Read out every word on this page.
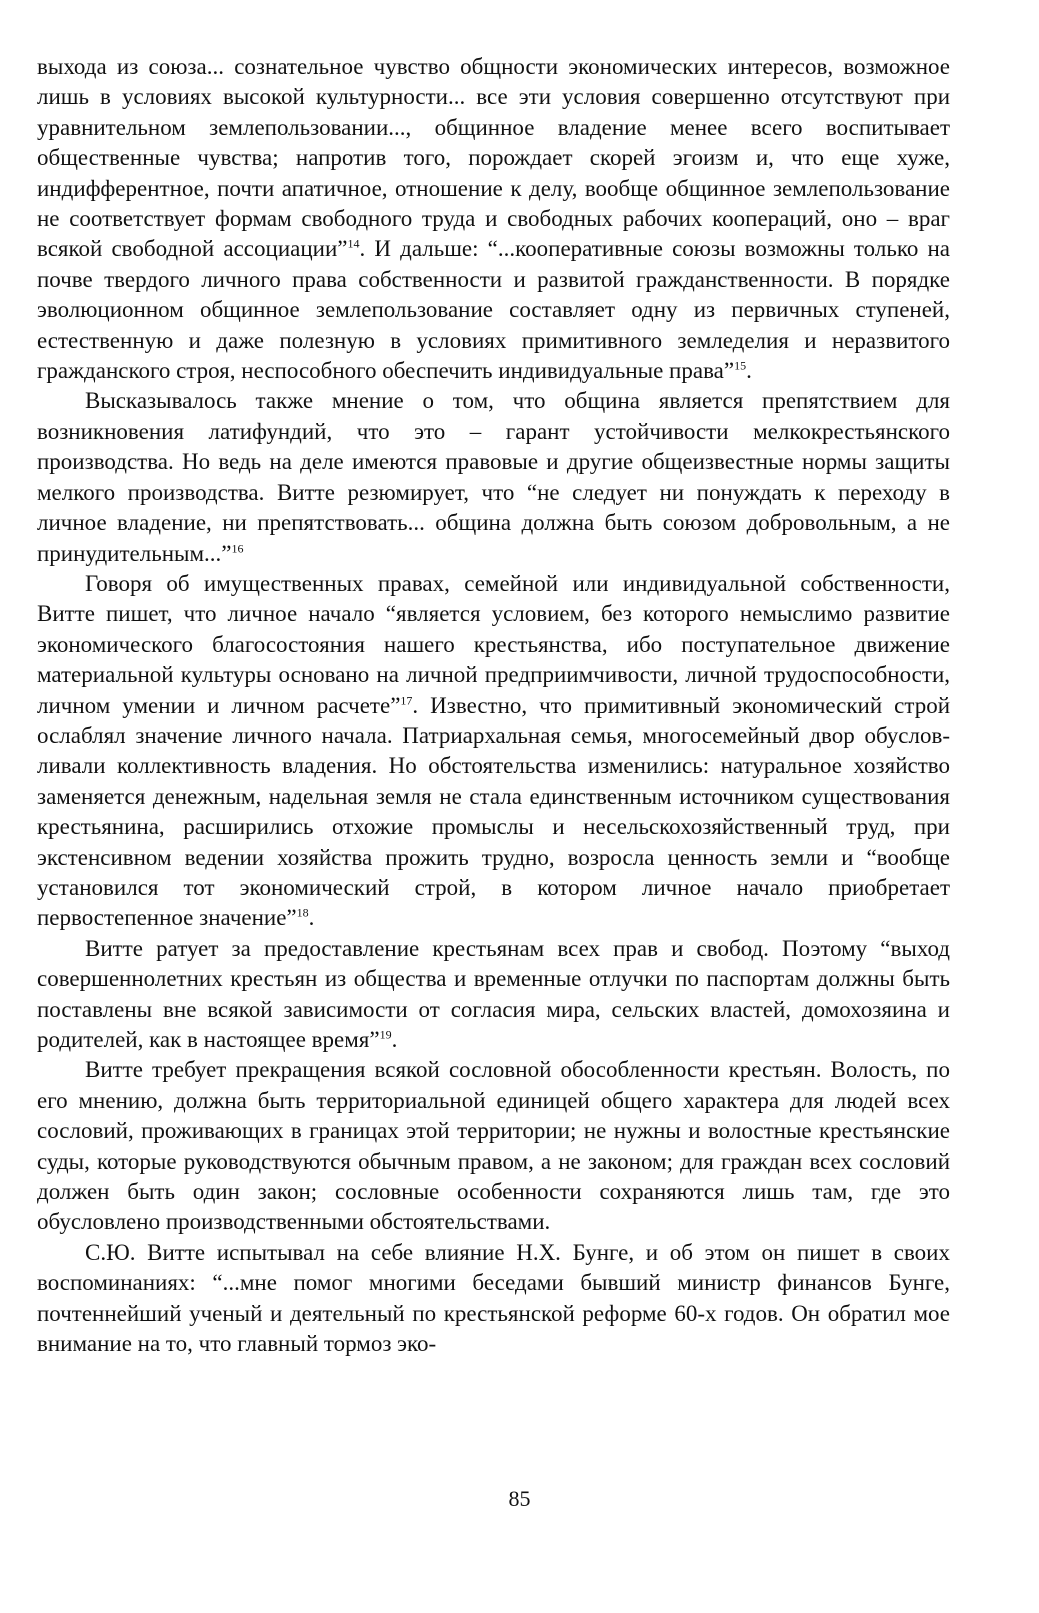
выхода из союза... сознательное чувство общности экономических интересов, возможное лишь в условиях высокой культурности... все эти условия совершенно отсутствуют при уравнительном землепользовании..., общинное владение менее всего воспитывает общественные чувства; напротив того, порождает скорей эгоизм и, что еще хуже, индифферентное, почти апатичное, отношение к делу, вообще общинное землепользование не соответствует формам свободного труда и свободных рабочих коопераций, оно – враг всякой свободной ассоциации”$^{14}$. И дальше: “...кооперативные союзы возможны только на почве твердого личного права собственности и развитой гражданственности. В порядке эволюционном общинное землепользование составляет одну из первичных ступеней, естественную и даже полезную в условиях примитивного земледелия и неразвитого гражданского строя, неспособного обеспечить индивидуальные права”$^{15}$.

Высказывалось также мнение о том, что община является препятствием для возникновения латифундий, что это – гарант устойчивости мелкокрестьянского производства. Но ведь на деле имеются правовые и другие общеизвестные нормы защиты мелкого производства. Витте резюмирует, что “не следует ни понуждать к переходу в личное владение, ни препятствовать... община должна быть союзом добровольным, а не принудительным...”$^{16}$

Говоря об имущественных правах, семейной или индивидуальной собственности, Витте пишет, что личное начало “является условием, без которого немыслимо развитие экономического благосостояния нашего крестьянства, ибо поступательное движение материальной культуры основано на личной предприимчивости, личной трудоспособности, личном умении и личном расчете”$^{17}$. Известно, что примитивный экономический строй ослаблял значение личного начала. Патриархальная семья, многосемейный двор обусловливали коллективность владения. Но обстоятельства изменились: натуральное хозяйство заменяется денежным, надельная земля не стала единственным источником существования крестьянина, расширились отхожие промыслы и несельскохозяйственный труд, при экстенсивном ведении хозяйства прожить трудно, возросла ценность земли и “вообще установился тот экономический строй, в котором личное начало приобретает первостепенное значение”$^{18}$.

Витте ратует за предоставление крестьянам всех прав и свобод. Поэтому “выход совершеннолетних крестьян из общества и временные отлучки по паспортам должны быть поставлены вне всякой зависимости от согласия мира, сельских властей, домохозяина и родителей, как в настоящее время”$^{19}$.

Витте требует прекращения всякой сословной обособленности крестьян. Волость, по его мнению, должна быть территориальной единицей общего характера для людей всех сословий, проживающих в границах этой территории; не нужны и волостные крестьянские суды, которые руководствуются обычным правом, а не законом; для граждан всех сословий должен быть один закон; сословные особенности сохраняются лишь там, где это обусловлено производственными обстоятельствами.

С.Ю. Витте испытывал на себе влияние Н.Х. Бунге, и об этом он пишет в своих воспоминаниях: “...мне помог многими беседами бывший министр финансов Бунге, почтеннейший ученый и деятельный по крестьянской реформе 60-х годов. Он обратил мое внимание на то, что главный тормоз эко-

85
